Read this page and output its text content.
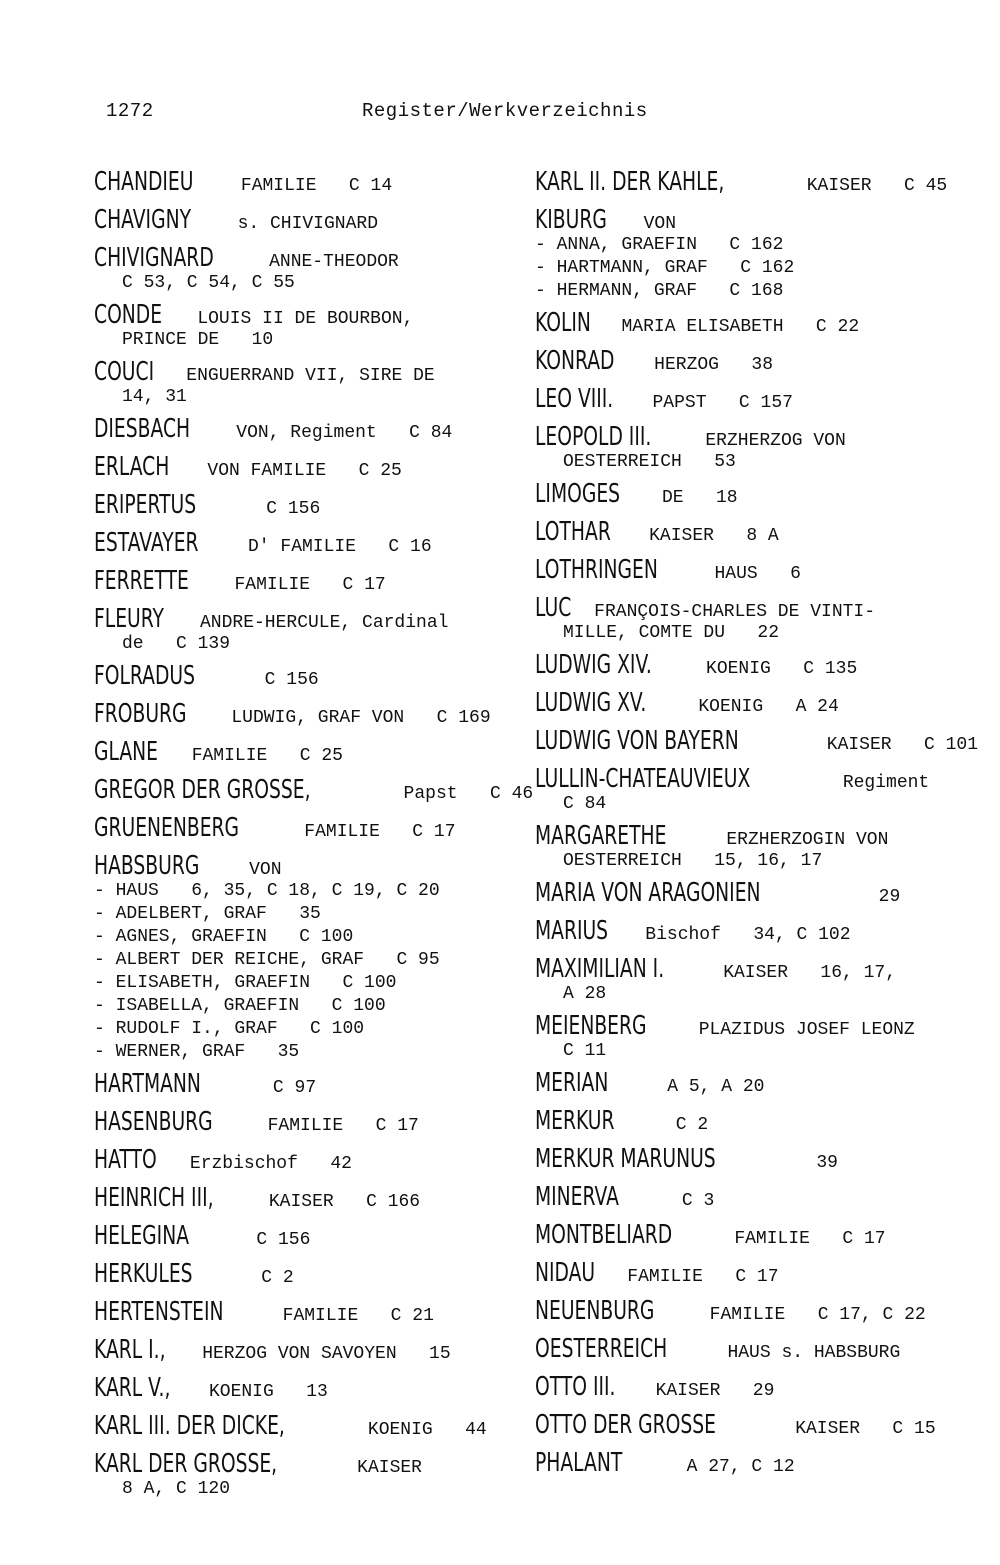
1272	Register/Werkverzeichnis
CHANDIEU FAMILIE   C 14
CHAVIGNY s. CHIVIGNARD
CHIVIGNARD ANNE-THEODOR
C 53, C 54, C 55
CONDE LOUIS II DE BOURBON,
PRINCE DE   10
COUCI ENGUERRAND VII, SIRE DE
14, 31
DIESBACH VON, Regiment   C 84
ERLACH VON FAMILIE   C 25
ERIPERTUS   C 156
ESTAVAYER D' FAMILIE   C 16
FERRETTE FAMILIE   C 17
FLEURY ANDRE-HERCULE, Cardinal
de   C 139
FOLRADUS   C 156
FROBURG LUDWIG, GRAF VON   C 169
GLANE FAMILIE   C 25
GREGOR DER GROSSE,	Papst   C 46
GRUENENBERG	FAMILIE   C 17
HABSBURG VON
- HAUS   6, 35, C 18, C 19, C 20
- ADELBERT, GRAF   35
- AGNES, GRAEFIN   C 100
- ALBERT DER REICHE, GRAF   C 95
- ELISABETH, GRAEFIN   C 100
- ISABELLA, GRAEFIN   C 100
- RUDOLF I., GRAF   C 100
- WERNER, GRAF   35
HARTMANN   C 97
HASENBURG FAMILIE   C 17
HATTO Erzbischof   42
HEINRICH III, KAISER   C 166
HELEGINA   C 156
HERKULES   C 2
HERTENSTEIN	FAMILIE   C 21
KARL I., HERZOG VON SAVOYEN   15
KARL V., KOENIG   13
KARL III. DER DICKE,	KOENIG   44
KARL DER GROSSE,	KAISER
8 A, C 120
KARL II. DER KAHLE,	KAISER   C 45
KIBURG VON
- ANNA, GRAEFIN   C 162
- HARTMANN, GRAF   C 162
- HERMANN, GRAF   C 168
KOLIN MARIA ELISABETH   C 22
KONRAD HERZOG   38
LEO VIII. PAPST   C 157
LEOPOLD III. ERZHERZOG VON
OESTERREICH   53
LIMOGES DE   18
LOTHAR KAISER   8 A
LOTHRINGEN	HAUS   6
LUC FRANÇOIS-CHARLES DE VINTI-
MILLE, COMTE DU   22
LUDWIG XIV. KOENIG   C 135
LUDWIG XV. KOENIG   A 24
LUDWIG VON BAYERN	KAISER   C 101
LULLIN-CHATEAUVIEUX	Regiment
C 84
MARGARETHE	ERZHERZOGIN VON
OESTERREICH   15, 16, 17
MARIA VON ARAGONIEN	29
MARIUS Bischof   34, C 102
MAXIMILIAN I.	KAISER   16, 17,
A 28
MEIENBERG PLAZIDUS JOSEF LEONZ
C 11
MERIAN   A 5, A 20
MERKUR   C 2
MERKUR MARUNUS	39
MINERVA   C 3
MONTBELIARD	FAMILIE   C 17
NIDAU FAMILIE   C 17
NEUENBURG FAMILIE   C 17, C 22
OESTERREICH	HAUS s. HABSBURG
OTTO III. KAISER   29
OTTO DER GROSSE	KAISER   C 15
PHALANT   A 27, C 12
